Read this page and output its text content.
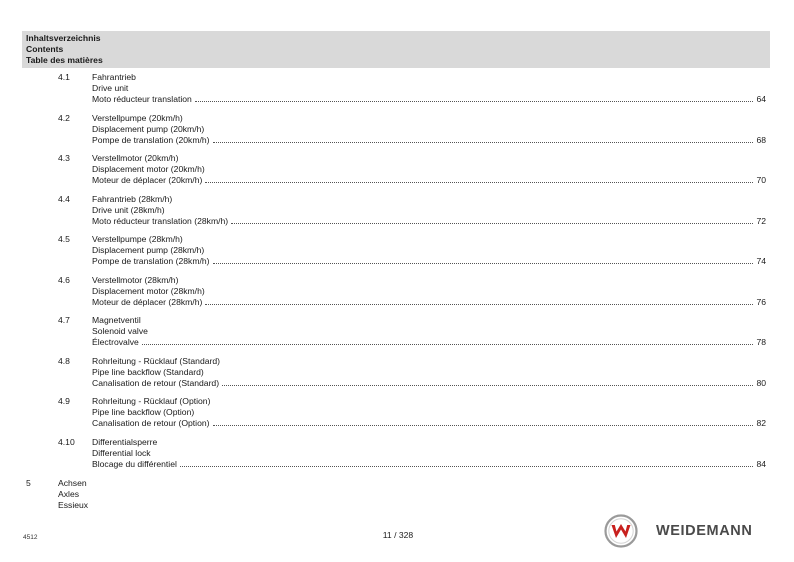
Inhaltsverzeichnis
Contents
Table des matières
4.1	Fahrantrieb
Drive unit
Moto réducteur translation	64
4.2	Verstellpumpe (20km/h)
Displacement pump (20km/h)
Pompe de translation (20km/h)	68
4.3	Verstellmotor (20km/h)
Displacement motor (20km/h)
Moteur de déplacer (20km/h)	70
4.4	Fahrantrieb (28km/h)
Drive unit (28km/h)
Moto réducteur translation (28km/h)	72
4.5	Verstellpumpe (28km/h)
Displacement pump (28km/h)
Pompe de translation (28km/h)	74
4.6	Verstellmotor (28km/h)
Displacement motor (28km/h)
Moteur de déplacer (28km/h)	76
4.7	Magnetventil
Solenoid valve
Électrovalve	78
4.8	Rohrleitung - Rücklauf (Standard)
Pipe line backflow (Standard)
Canalisation de retour (Standard)	80
4.9	Rohrleitung - Rücklauf (Option)
Pipe line backflow (Option)
Canalisation de retour (Option)	82
4.10 Differentialsperre
Differential lock
Blocage du différentiel	84
5	Achsen
Axles
Essieux
4512	11 / 328	WEIDEMANN
